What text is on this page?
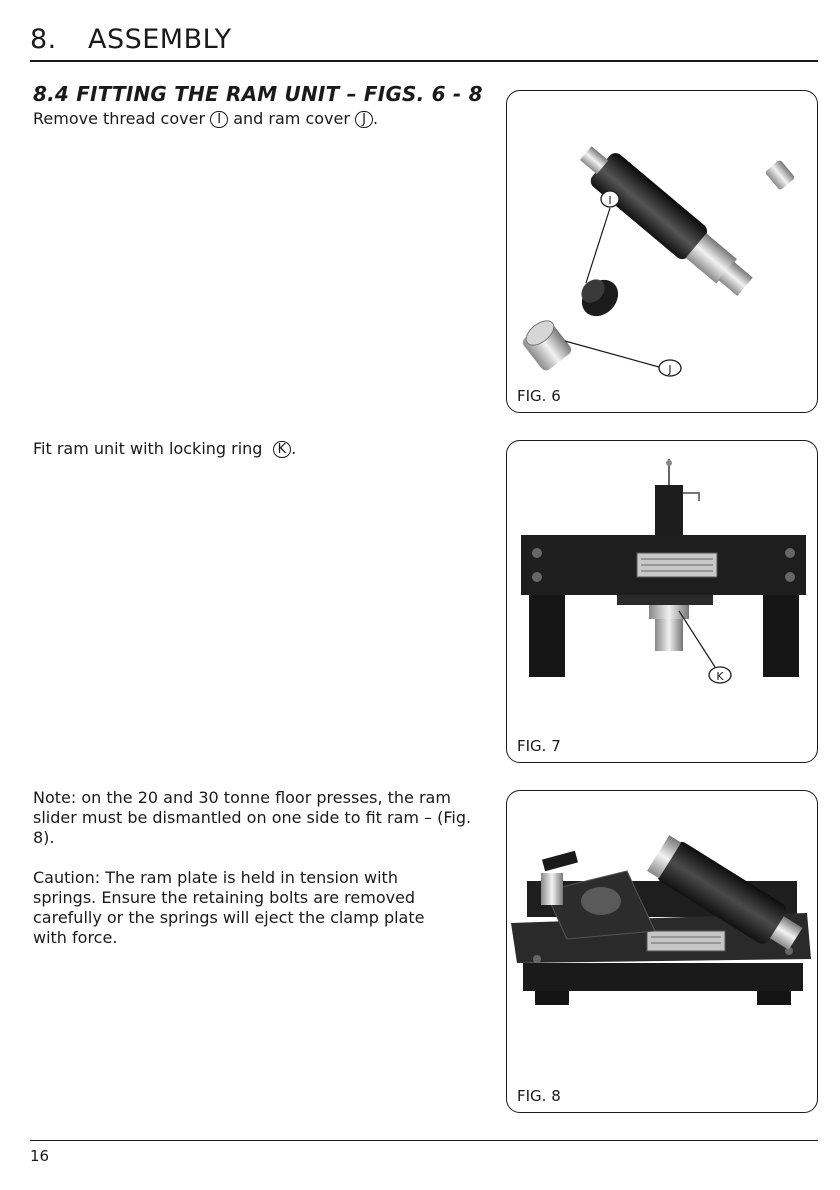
8. ASSEMBLY
8.4 FITTING THE RAM UNIT – FIGS. 6 - 8
Remove thread cover I and ram cover J .
Fit ram unit with locking ring  K .
Note: on the 20 and 30 tonne floor presses, the ram slider must be dismantled on one side to fit ram – (Fig. 8).
Caution: The ram plate is held in tension with springs. Ensure the retaining bolts are removed carefully or the springs will eject the clamp plate with force.
I
J
FIG. 6
K
FIG. 7
FIG. 8
16
